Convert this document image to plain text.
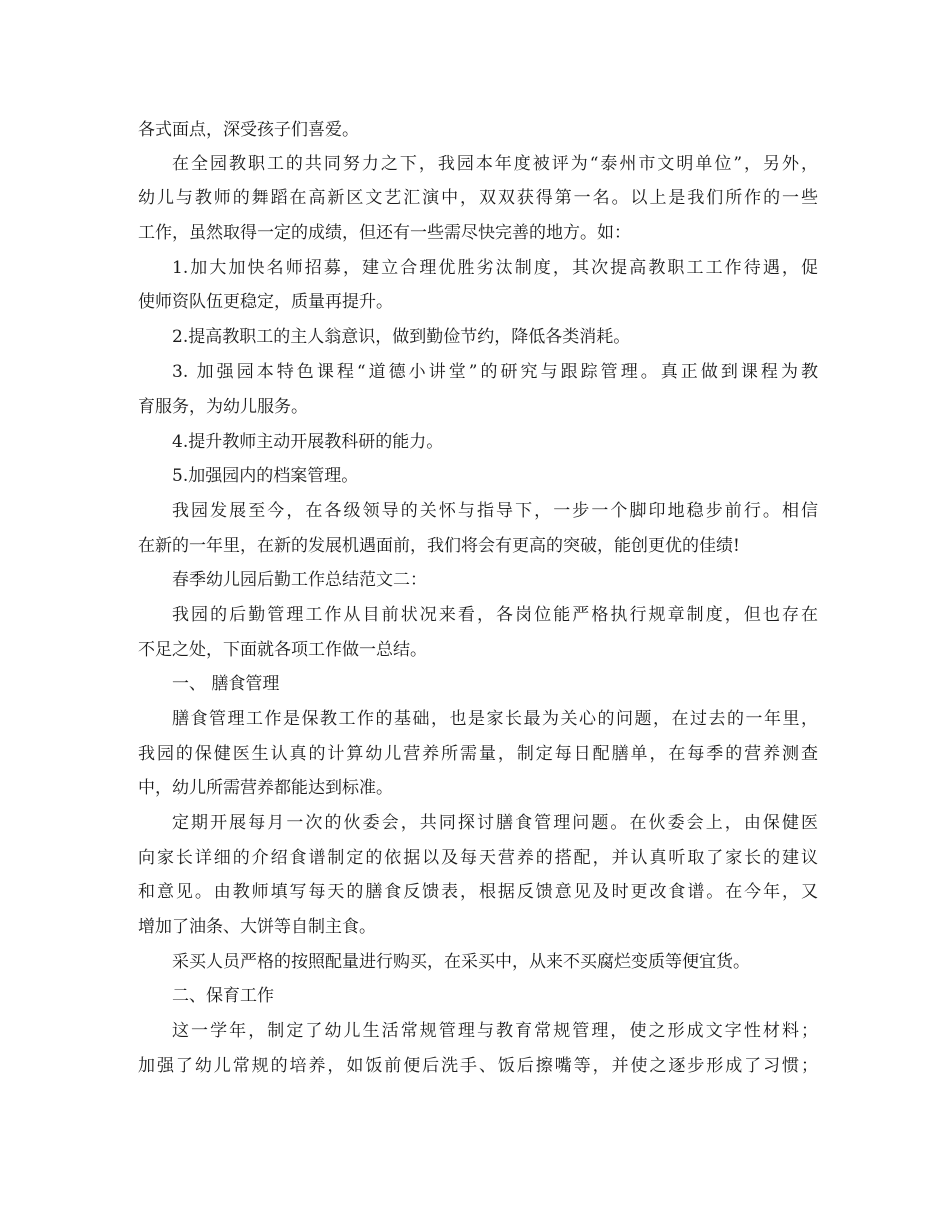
各式面点，深受孩子们喜爱。
在全园教职工的共同努力之下，我园本年度被评为“泰州市文明单位”，另外，
幼儿与教师的舞蹈在高新区文艺汇演中，双双获得第一名。以上是我们所作的一些
工作，虽然取得一定的成绩，但还有一些需尽快完善的地方。如：
1.加大加快名师招募，建立合理优胜劣汰制度，其次提高教职工工作待遇，促
使师资队伍更稳定，质量再提升。
2.提高教职工的主人翁意识，做到勤俭节约，降低各类消耗。
3. 加强园本特色课程“道德小讲堂”的研究与跟踪管理。真正做到课程为教
育服务，为幼儿服务。
4.提升教师主动开展教科研的能力。
5.加强园内的档案管理。
我园发展至今，在各级领导的关怀与指导下，一步一个脚印地稳步前行。相信
在新的一年里，在新的发展机遇面前，我们将会有更高的突破，能创更优的佳绩!
春季幼儿园后勤工作总结范文二：
我园的后勤管理工作从目前状况来看，各岗位能严格执行规章制度，但也存在
不足之处，下面就各项工作做一总结。
一、 膳食管理
膳食管理工作是保教工作的基础，也是家长最为关心的问题，在过去的一年里，
我园的保健医生认真的计算幼儿营养所需量，制定每日配膳单，在每季的营养测查
中，幼儿所需营养都能达到标准。
定期开展每月一次的伙委会，共同探讨膳食管理问题。在伙委会上，由保健医
向家长详细的介绍食谱制定的依据以及每天营养的搭配，并认真听取了家长的建议
和意见。由教师填写每天的膳食反馈表，根据反馈意见及时更改食谱。在今年，又
增加了油条、大饼等自制主食。
采买人员严格的按照配量进行购买，在采买中，从来不买腐烂变质等便宜货。
二、保育工作
这一学年，制定了幼儿生活常规管理与教育常规管理，使之形成文字性材料；
加强了幼儿常规的培养，如饭前便后洗手、饭后擦嘴等，并使之逐步形成了习惯；
